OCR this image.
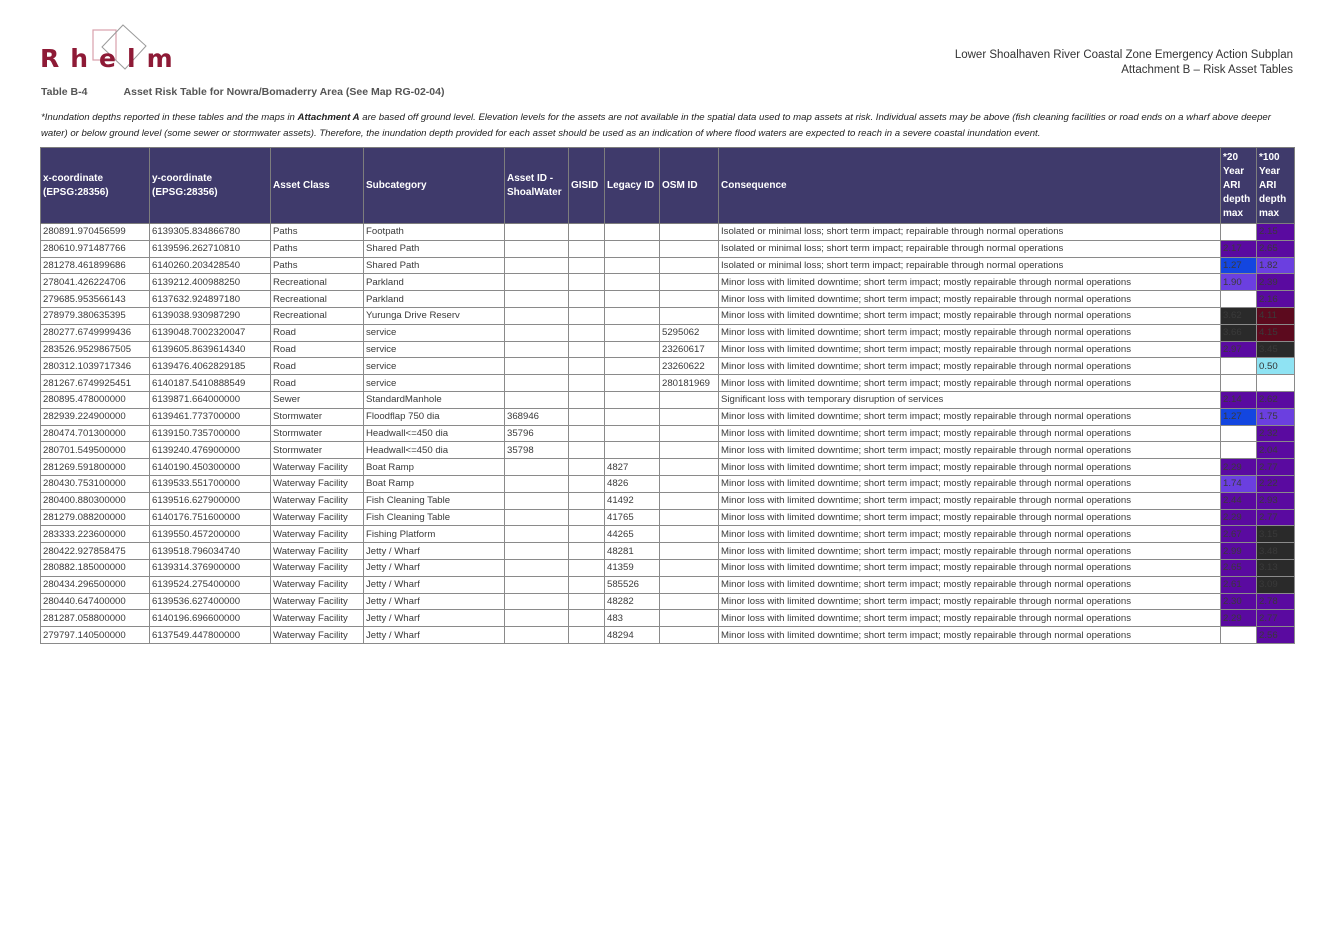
Rhelm	Lower Shoalhaven River Coastal Zone Emergency Action Subplan
Attachment B – Risk Asset Tables
Table B-4	Asset Risk Table for Nowra/Bomaderry Area (See Map RG-02-04)
*Inundation depths reported in these tables and the maps in Attachment A are based off ground level. Elevation levels for the assets are not available in the spatial data used to map assets at risk. Individual assets may be above (fish cleaning facilities or road ends on a wharf above deeper water) or below ground level (some sewer or stormwater assets). Therefore, the inundation depth provided for each asset should be used as an indication of where flood waters are expected to reach in a severe coastal inundation event.
x-coordinate (EPSG:28356)	y-coordinate (EPSG:28356)	Asset Class	Subcategory	Asset ID - ShoalWater	GISID	Legacy ID	OSM ID	Consequence	*20 Year ARI depth max	*100 Year ARI depth max
280891.970456599	6139305.834866780	Paths	Footpath					Isolated or minimal loss; short term impact; repairable through normal operations		2.15
280610.971487766	6139596.262710810	Paths	Shared Path					Isolated or minimal loss; short term impact; repairable through normal operations	2.17	2.65
281278.461899686	6140260.203428540	Paths	Shared Path					Isolated or minimal loss; short term impact; repairable through normal operations	1.27	1.82
278041.426224706	6139212.400988250	Recreational	Parkland					Minor loss with limited downtime; short term impact; mostly repairable through normal operations	1.90	2.39
279685.953566143	6137632.924897180	Recreational	Parkland					Minor loss with limited downtime; short term impact; mostly repairable through normal operations		2.16
278979.380635395	6139038.930987290	Recreational	Yurunga Drive Reserv					Minor loss with limited downtime; short term impact; mostly repairable through normal operations	3.62	4.11
280277.6749999436	6139048.7002320047	Road	service				5295062	Minor loss with limited downtime; short term impact; mostly repairable through normal operations	3.66	4.15
283526.9529867505	6139605.8639614340	Road	service				23260617	Minor loss with limited downtime; short term impact; mostly repairable through normal operations	2.97	3.45
280312.1039717346	6139476.4062829185	Road	service				23260622	Minor loss with limited downtime; short term impact; mostly repairable through normal operations		0.50
281267.6749925451	6140187.5410888549	Road	service				280181969	Minor loss with limited downtime; short term impact; mostly repairable through normal operations		
280895.478000000	6139871.664000000	Sewer	StandardManhole					Significant loss with temporary disruption of services	2.14	2.62
282939.224900000	6139461.773700000	Stormwater	Floodflap 750 dia	368946				Minor loss with limited downtime; short term impact; mostly repairable through normal operations	1.27	1.75
280474.701300000	6139150.735700000	Stormwater	Headwall<=450 dia	35796				Minor loss with limited downtime; short term impact; mostly repairable through normal operations		2.32
280701.549500000	6139240.476900000	Stormwater	Headwall<=450 dia	35798				Minor loss with limited downtime; short term impact; mostly repairable through normal operations		2.04
281269.591800000	6140190.450300000	Waterway Facility	Boat Ramp			4827		Minor loss with limited downtime; short term impact; mostly repairable through normal operations	2.29	2.77
280430.753100000	6139533.551700000	Waterway Facility	Boat Ramp			4826		Minor loss with limited downtime; short term impact; mostly repairable through normal operations	1.74	2.22
280400.880300000	6139516.627900000	Waterway Facility	Fish Cleaning Table			41492		Minor loss with limited downtime; short term impact; mostly repairable through normal operations	2.44	2.93
281279.088200000	6140176.751600000	Waterway Facility	Fish Cleaning Table			41765		Minor loss with limited downtime; short term impact; mostly repairable through normal operations	2.29	2.77
283333.223600000	6139550.457200000	Waterway Facility	Fishing Platform			44265		Minor loss with limited downtime; short term impact; mostly repairable through normal operations	2.67	3.15
280422.927858475	6139518.796034740	Waterway Facility	Jetty / Wharf			48281		Minor loss with limited downtime; short term impact; mostly repairable through normal operations	2.99	3.48
280882.185000000	6139314.376900000	Waterway Facility	Jetty / Wharf			41359		Minor loss with limited downtime; short term impact; mostly repairable through normal operations	2.65	3.13
280434.296500000	6139524.275400000	Waterway Facility	Jetty / Wharf			585526		Minor loss with limited downtime; short term impact; mostly repairable through normal operations	2.61	3.09
280440.647400000	6139536.627400000	Waterway Facility	Jetty / Wharf			48282		Minor loss with limited downtime; short term impact; mostly repairable through normal operations	2.30	2.78
281287.058800000	6140196.696600000	Waterway Facility	Jetty / Wharf			483		Minor loss with limited downtime; short term impact; mostly repairable through normal operations	2.29	2.77
279797.140500000	6137549.447800000	Waterway Facility	Jetty / Wharf			48294		Minor loss with limited downtime; short term impact; mostly repairable through normal operations		2.56
